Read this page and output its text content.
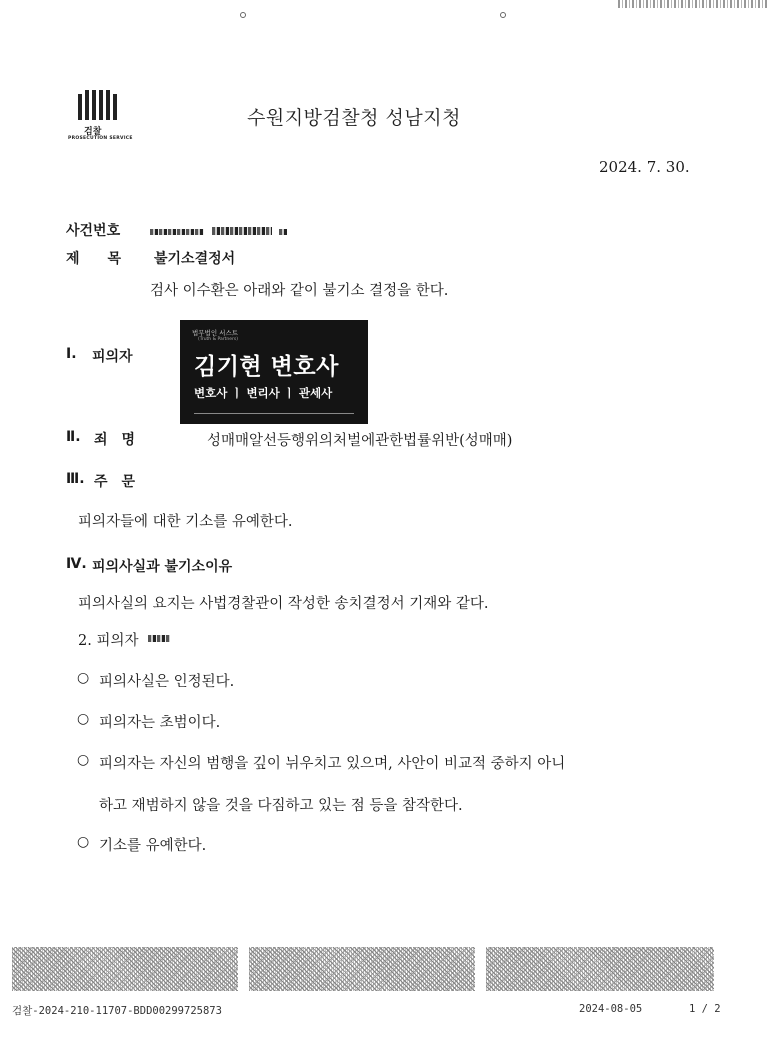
검찰
PROSECUTION SERVICE
수원지방검찰청 성남지청
2024. 7. 30.
사건번호
제　　목 불기소결정서
검사 이수환은 아래와 같이 불기소 결정을 한다.
Ⅰ. 피의자
법무법인 서스트
(Truth & Partners)
김기현 변호사
변호사 ㅣ 변리사 ㅣ 관세사
Ⅱ. 죄　명	성매매알선등행위의처벌에관한법률위반(성매매)
Ⅲ. 주　문
피의자들에 대한 기소를 유예한다.
Ⅳ. 피의사실과 불기소이유
피의사실의 요지는 사법경찰관이 작성한 송치결정서 기재와 같다.
2. 피의자
○ 피의사실은 인정된다.
○ 피의자는 초범이다.
○ 피의자는 자신의 범행을 깊이 뉘우치고 있으며, 사안이 비교적 중하지 아니
하고 재범하지 않을 것을 다짐하고 있는 점 등을 참작한다.
○ 기소를 유예한다.
검찰-2024-210-11707-BDD00299725873	2024-08-05	1 / 2
